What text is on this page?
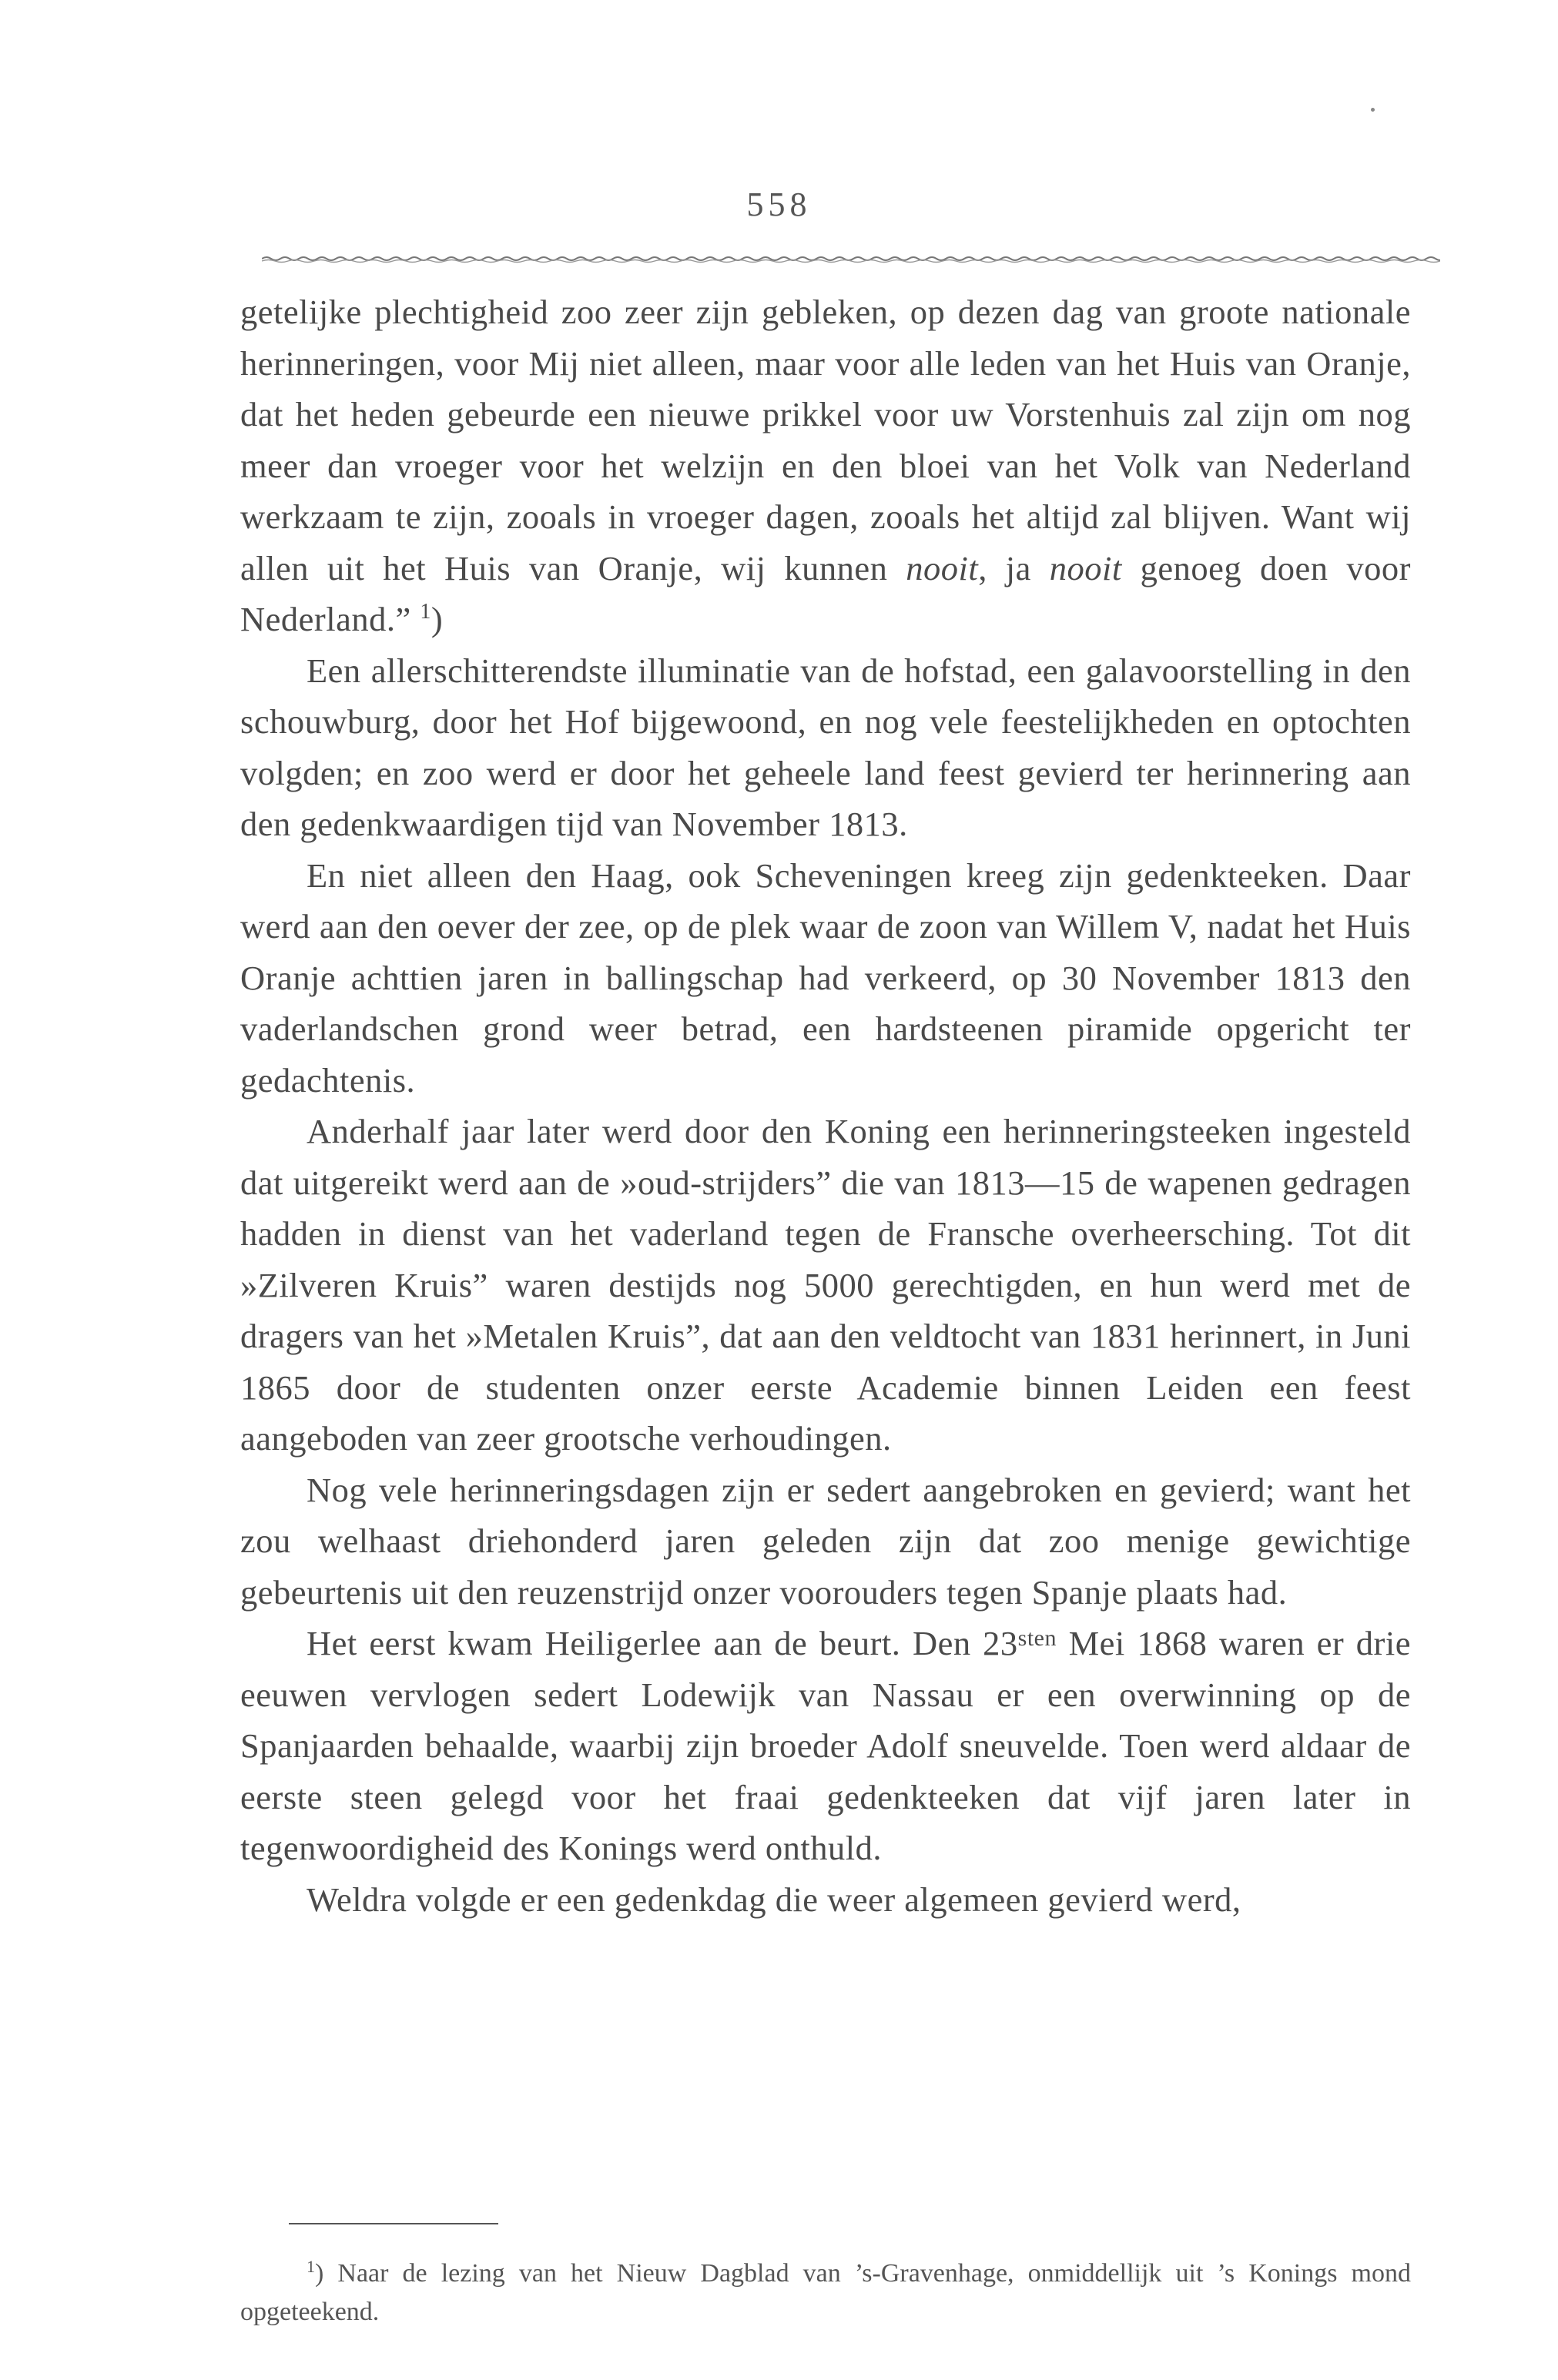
558

getelijke plechtigheid zoo zeer zijn gebleken, op dezen dag van groote nationale herinneringen, voor Mij niet alleen, maar voor alle leden van het Huis van Oranje, dat het heden gebeurde een nieuwe prikkel voor uw Vorstenhuis zal zijn om nog meer dan vroeger voor het welzijn en den bloei van het Volk van Nederland werkzaam te zijn, zooals in vroeger dagen, zooals het altijd zal blijven. Want wij allen uit het Huis van Oranje, wij kunnen nooit, ja nooit genoeg doen voor Nederland.” $^1$)

Een allerschitterendste illuminatie van de hofstad, een galavoorstelling in den schouwburg, door het Hof bijgewoond, en nog vele feestelijkheden en optochten volgden; en zoo werd er door het geheele land feest gevierd ter herinnering aan den gedenkwaardigen tijd van November 1813.

En niet alleen den Haag, ook Scheveningen kreeg zijn gedenkteeken. Daar werd aan den oever der zee, op de plek waar de zoon van Willem V, nadat het Huis Oranje achttien jaren in ballingschap had verkeerd, op 30 November 1813 den vaderlandschen grond weer betrad, een hardsteenen piramide opgericht ter gedachtenis.

Anderhalf jaar later werd door den Koning een herinneringsteeken ingesteld dat uitgereikt werd aan de »oud-strijders” die van 1813—15 de wapenen gedragen hadden in dienst van het vaderland tegen de Fransche overheersching. Tot dit »Zilveren Kruis” waren destijds nog 5000 gerechtigden, en hun werd met de dragers van het »Metalen Kruis”, dat aan den veldtocht van 1831 herinnert, in Juni 1865 door de studenten onzer eerste Academie binnen Leiden een feest aangeboden van zeer grootsche verhoudingen.

Nog vele herinneringsdagen zijn er sedert aangebroken en gevierd; want het zou welhaast driehonderd jaren geleden zijn dat zoo menige gewichtige gebeurtenis uit den reuzenstrijd onzer voorouders tegen Spanje plaats had.

Het eerst kwam Heiligerlee aan de beurt. Den $23^{sten}$ Mei 1868 waren er drie eeuwen vervlogen sedert Lodewijk van Nassau er een overwinning op de Spanjaarden behaalde, waarbij zijn broeder Adolf sneuvelde. Toen werd aldaar de eerste steen gelegd voor het fraai gedenkteeken dat vijf jaren later in tegenwoordigheid des Konings werd onthuld.

Weldra volgde er een gedenkdag die weer algemeen gevierd werd,

$^1$) Naar de lezing van het Nieuw Dagblad van ’s-Gravenhage, onmiddellijk uit ’s Konings mond opgeteekend.
